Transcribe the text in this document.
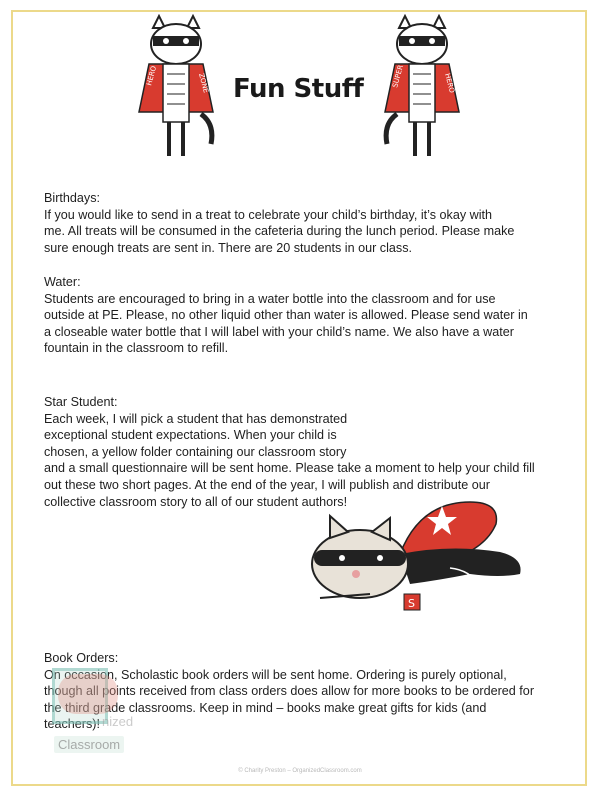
HERO	ZONE	SUPER	HERO
Fun Stuff

Birthdays:

If you would like to send in a treat to celebrate your child’s birthday, it’s okay with

me. All treats will be consumed in the cafeteria during the lunch period. Please make

sure enough treats are sent in. There are 20 students in our class.

Water:

Students are encouraged to bring in a water bottle into the classroom and for use

outside at PE. Please, no other liquid other than water is allowed. Please send water in

a closeable water bottle that I will label with your child’s name. We also have a water

fountain in the classroom to refill.

Star Student:

Each week, I will pick a student that has demonstrated

exceptional student expectations. When your child is

chosen, a yellow folder containing our classroom story

and a small questionnaire will be sent home. Please take a moment to help your child fill

out these two short pages. At the end of the year, I will publish and distribute our

collective classroom story to all of our student authors!

S

Book Orders:

On occasion, Scholastic book orders will be sent home. Ordering is purely optional,

though all points received from class orders does allow for more books to be ordered for

the third grade classrooms. Keep in mind – books make great gifts for kids (and

teachers)! nized
Classroom
© Charity Preston – OrganizedClassroom.com
